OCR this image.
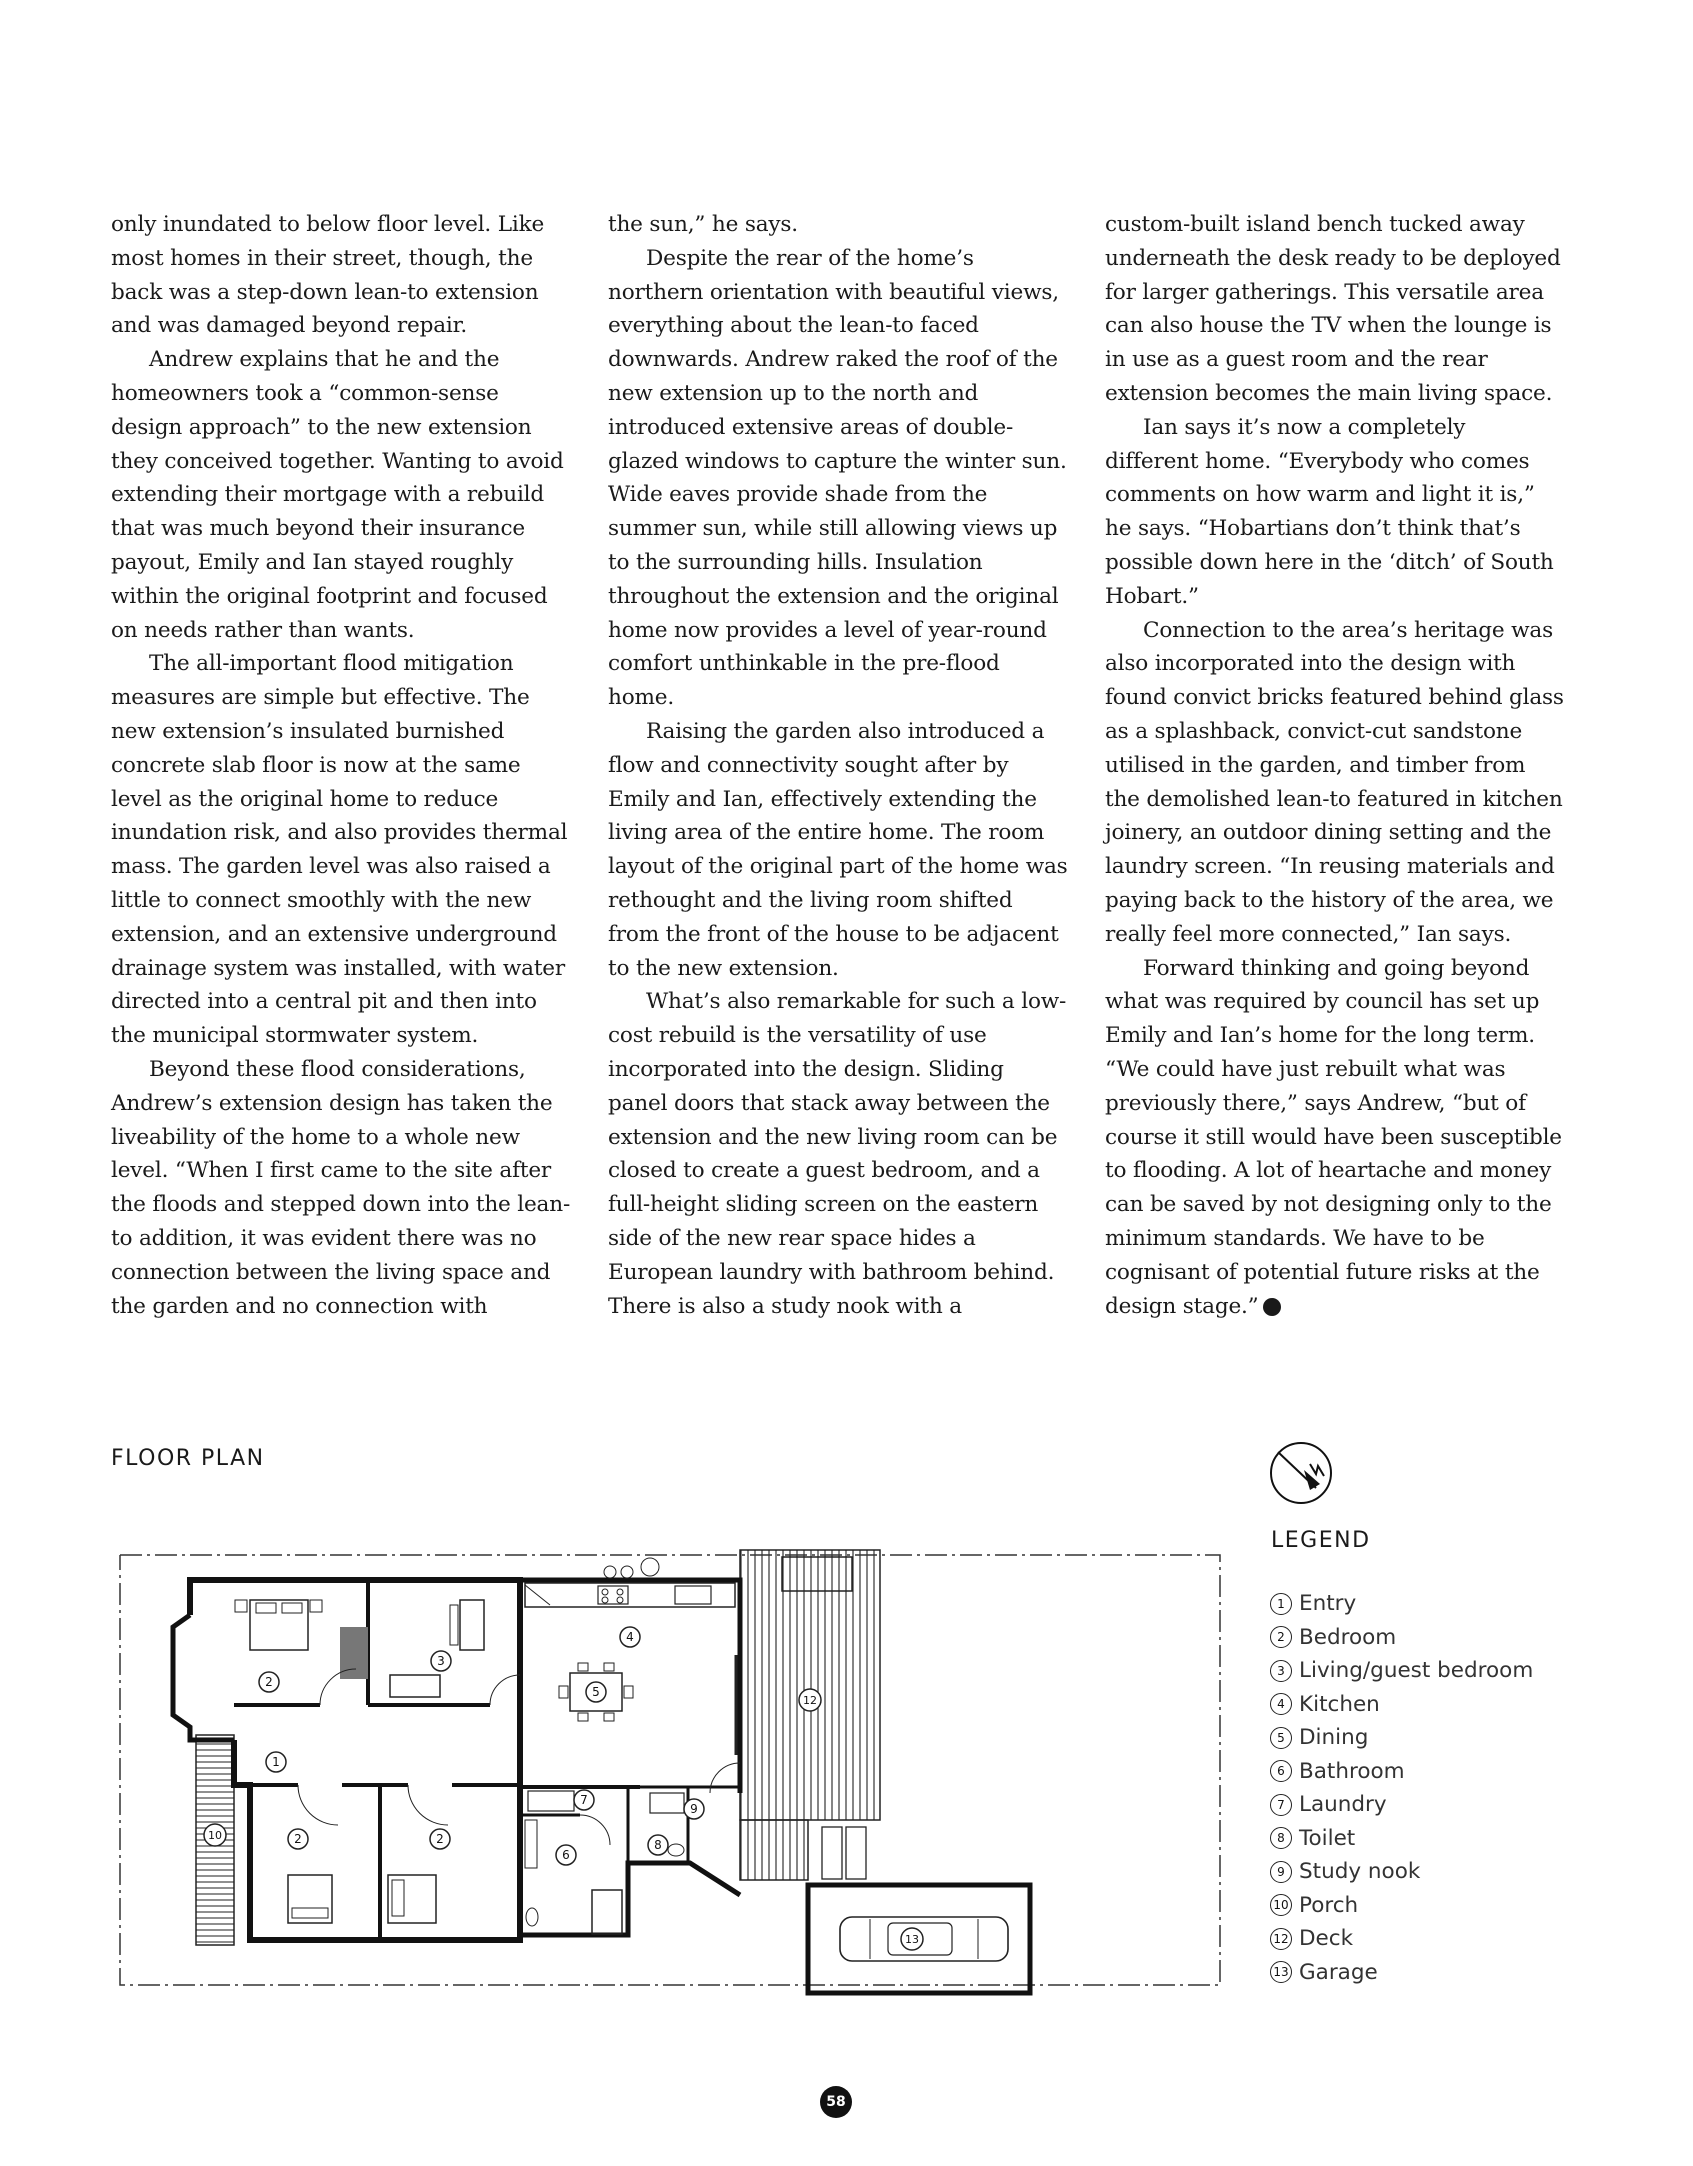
only inundated to below floor level. Like most homes in their street, though, the back was a step-down lean-to extension and was damaged beyond repair.

Andrew explains that he and the homeowners took a “common-sense design approach” to the new extension they conceived together. Wanting to avoid extending their mortgage with a rebuild that was much beyond their insurance payout, Emily and Ian stayed roughly within the original footprint and focused on needs rather than wants.

The all-important flood mitigation measures are simple but effective. The new extension’s insulated burnished concrete slab floor is now at the same level as the original home to reduce inundation risk, and also provides thermal mass. The garden level was also raised a little to connect smoothly with the new extension, and an extensive underground drainage system was installed, with water directed into a central pit and then into the municipal stormwater system.

Beyond these flood considerations, Andrew’s extension design has taken the liveability of the home to a whole new level. “When I first came to the site after the floods and stepped down into the lean-to addition, it was evident there was no connection between the living space and the garden and no connection with

the sun,” he says.

Despite the rear of the home’s northern orientation with beautiful views, everything about the lean-to faced downwards. Andrew raked the roof of the new extension up to the north and introduced extensive areas of double-glazed windows to capture the winter sun. Wide eaves provide shade from the summer sun, while still allowing views up to the surrounding hills. Insulation throughout the extension and the original home now provides a level of year-round comfort unthinkable in the pre-flood home.

Raising the garden also introduced a flow and connectivity sought after by Emily and Ian, effectively extending the living area of the entire home. The room layout of the original part of the home was rethought and the living room shifted from the front of the house to be adjacent to the new extension.

What’s also remarkable for such a low-cost rebuild is the versatility of use incorporated into the design. Sliding panel doors that stack away between the extension and the new living room can be closed to create a guest bedroom, and a full-height sliding screen on the eastern side of the new rear space hides a European laundry with bathroom behind. There is also a study nook with a

custom-built island bench tucked away underneath the desk ready to be deployed for larger gatherings. This versatile area can also house the TV when the lounge is in use as a guest room and the rear extension becomes the main living space.

Ian says it’s now a completely different home. “Everybody who comes comments on how warm and light it is,” he says. “Hobartians don’t think that’s possible down here in the ‘ditch’ of South Hobart.”

Connection to the area’s heritage was also incorporated into the design with found convict bricks featured behind glass as a splashback, convict-cut sandstone utilised in the garden, and timber from the demolished lean-to featured in kitchen joinery, an outdoor dining setting and the laundry screen. “In reusing materials and paying back to the history of the area, we really feel more connected,” Ian says.

Forward thinking and going beyond what was required by council has set up Emily and Ian’s home for the long term. “We could have just rebuilt what was previously there,” says Andrew, “but of course it still would have been susceptible to flooding. A lot of heartache and money can be saved by not designing only to the minimum standards. We have to be cognisant of potential future risks at the design stage.”	S

FLOOR PLAN
1
2
3
4
5
2	2
6
7
8
9
10
12
13
LEGEND
1 Entry
2 Bedroom
3 Living/guest bedroom
4 Kitchen
5 Dining
6 Bathroom
7 Laundry
8 Toilet
9 Study nook
10 Porch
12 Deck
13 Garage
58
